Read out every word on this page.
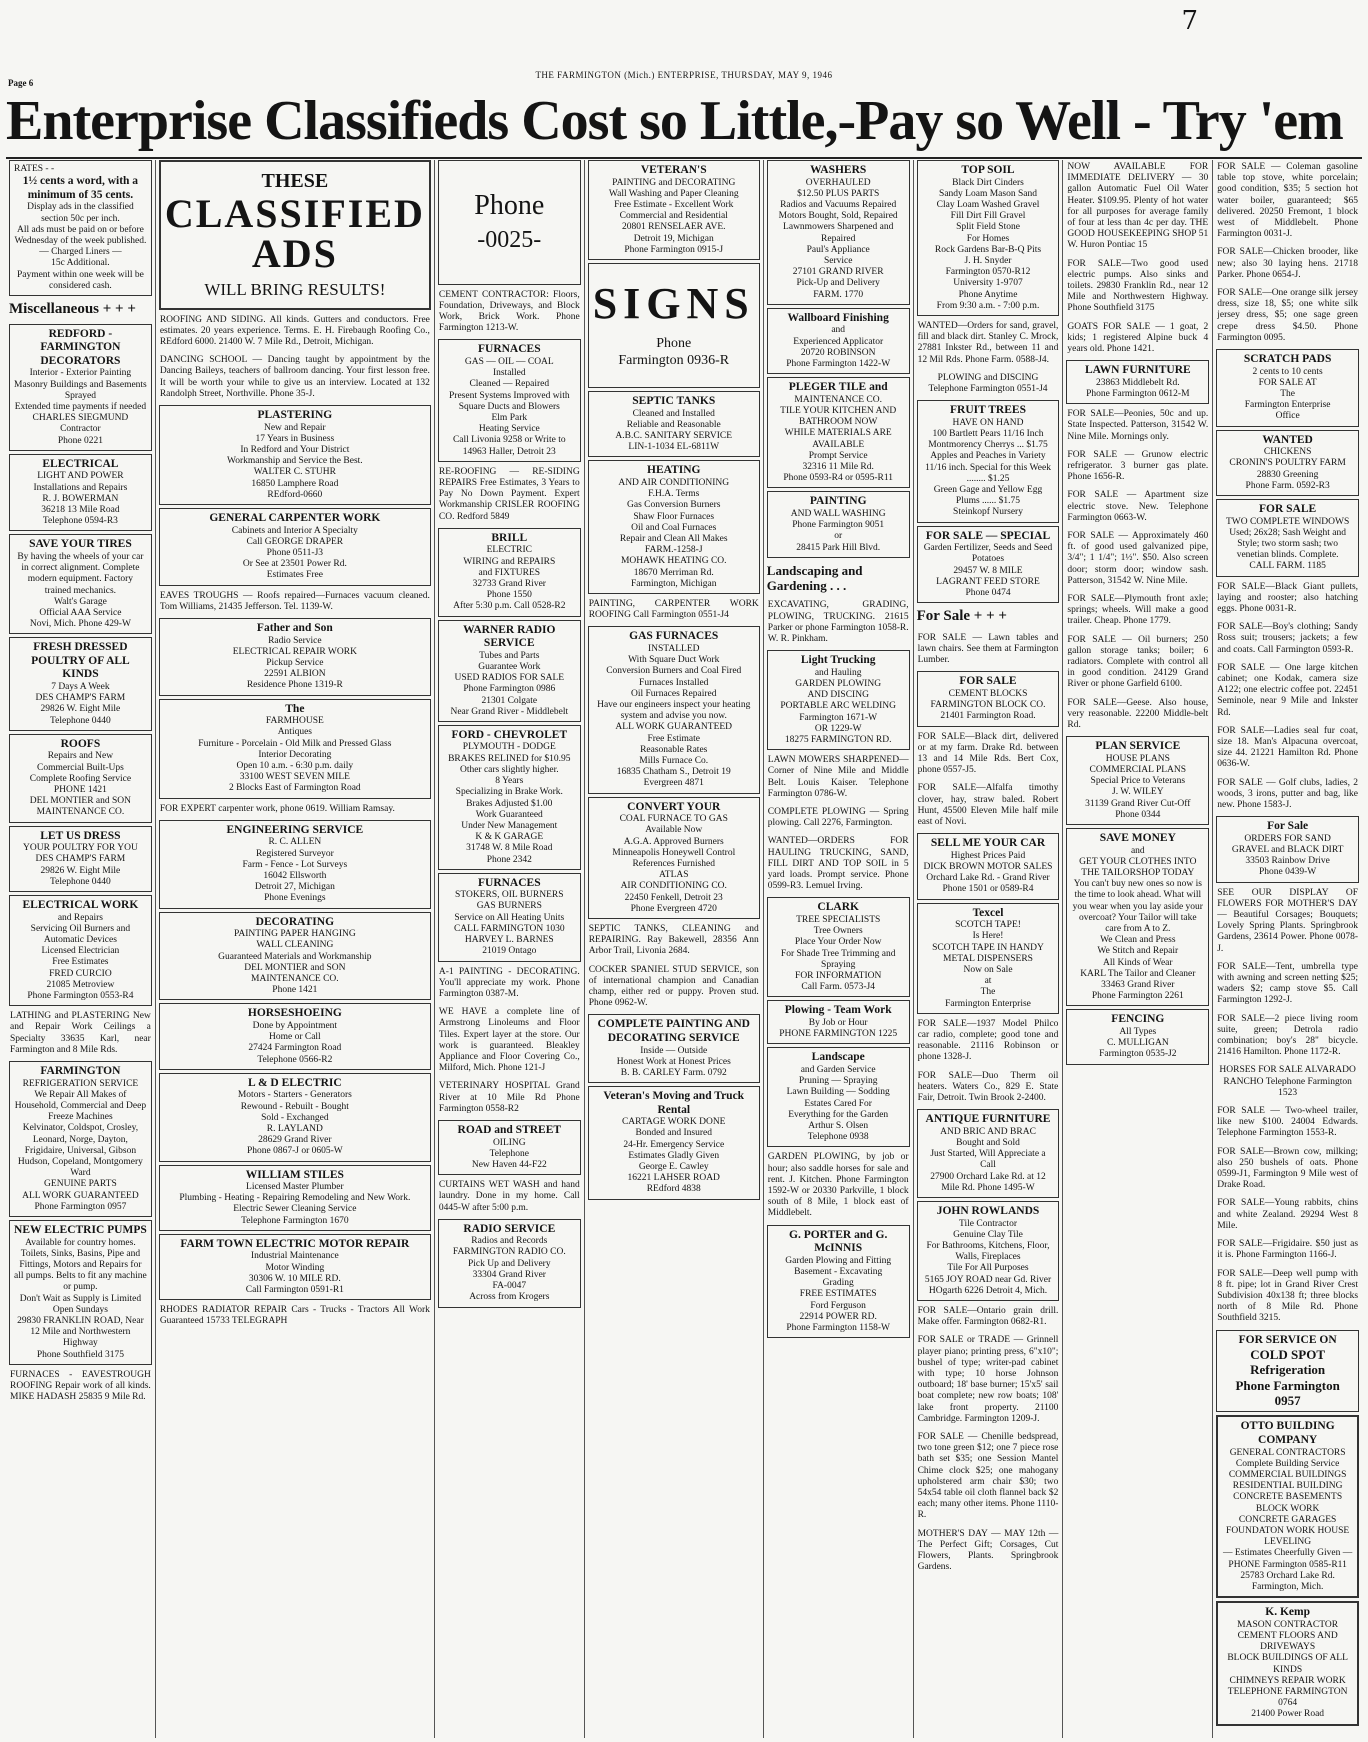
7
Page 6
THE FARMINGTON (Mich.) ENTERPRISE, THURSDAY, MAY 9, 1946
Enterprise Classifieds Cost so Little,-Pay so Well - Try 'em
RATES - -
1½ cents a word, with a minimum of 35 cents.
Display ads in the classified section 50c per inch.
All ads must be paid on or before Wednesday of the week published.
— Charged Liners —
15c Additional.
Payment within one week will be considered cash.
Miscellaneous + + +
REDFORD - FARMINGTON DECORATORS
Interior - Exterior Painting
Masonry Buildings and Basements Sprayed
Extended time payments if needed
CHARLES SIEGMUND
Contractor
Phone 0221
ELECTRICAL
LIGHT AND POWER
Installations and Repairs
R. J. BOWERMAN
36218 13 Mile Road
Telephone 0594-R3
SAVE YOUR TIRES
By having the wheels of your car in correct alignment. Complete modern equipment. Factory trained mechanics.
Walt's Garage
Official AAA Service
Novi, Mich. Phone 429-W
FRESH DRESSED POULTRY OF ALL KINDS
7 Days A Week
DES CHAMP'S FARM
29826 W. Eight Mile
Telephone 0440
ROOFS
Repairs and New
Commercial Built-Ups
Complete Roofing Service
PHONE 1421
DEL MONTIER and SON
MAINTENANCE CO.
LET US DRESS
YOUR POULTRY FOR YOU
DES CHAMP'S FARM
29826 W. Eight Mile
Telephone 0440
ELECTRICAL WORK
and Repairs
Servicing Oil Burners and Automatic Devices
Licensed Electrician
Free Estimates
FRED CURCIO
21085 Metroview
Phone Farmington 0553-R4
LATHING and PLASTERING New and Repair Work Ceilings a Specialty 33635 Karl, near Farmington and 8 Mile Rds.
FARMINGTON
REFRIGERATION SERVICE
We Repair All Makes of Household, Commercial and Deep Freeze Machines
Kelvinator, Coldspot, Crosley, Leonard, Norge, Dayton, Frigidaire, Universal, Gibson Hudson, Copeland, Montgomery Ward
GENUINE PARTS
ALL WORK GUARANTEED
Phone Farmington 0957
NEW ELECTRIC PUMPS
Available for country homes. Toilets, Sinks, Basins, Pipe and Fittings, Motors and Repairs for all pumps. Belts to fit any machine or pump.
Don't Wait as Supply is Limited
Open Sundays
29830 FRANKLIN ROAD, Near 12 Mile and Northwestern Highway
Phone Southfield 3175
FURNACES - EAVESTROUGH ROOFING Repair work of all kinds. MIKE HADASH 25835 9 Mile Rd.
THESE
CLASSIFIED
ADS
WILL BRING RESULTS!
ROOFING AND SIDING. All kinds. Gutters and conductors. Free estimates. 20 years experience. Terms. E. H. Firebaugh Roofing Co., REdford 6000. 21400 W. 7 Mile Rd., Detroit, Michigan.
DANCING SCHOOL — Dancing taught by appointment by the Dancing Baileys, teachers of ballroom dancing. Your first lesson free. It will be worth your while to give us an interview. Located at 132 Randolph Street, Northville. Phone 35-J.
PLASTERING
New and Repair
17 Years in Business
In Redford and Your District
Workmanship and Service the Best.
WALTER C. STUHR
16850 Lamphere Road
REdford-0660
GENERAL CARPENTER WORK
Cabinets and Interior A Specialty
Call GEORGE DRAPER
Phone 0511-J3
Or See at 23501 Power Rd.
Estimates Free
EAVES TROUGHS — Roofs repaired—Furnaces vacuum cleaned. Tom Williams, 21435 Jefferson. Tel. 1139-W.
Father and Son
Radio Service
ELECTRICAL REPAIR WORK
Pickup Service
22591 ALBION
Residence Phone 1319-R
The
FARMHOUSE
Antiques
Furniture - Porcelain - Old Milk and Pressed Glass
Interior Decorating
Open 10 a.m. - 6:30 p.m. daily
33100 WEST SEVEN MILE
2 Blocks East of Farmington Road
FOR EXPERT carpenter work, phone 0619. William Ramsay.
ENGINEERING SERVICE
R. C. ALLEN
Registered Surveyor
Farm - Fence - Lot Surveys
16042 Ellsworth
Detroit 27, Michigan
Phone Evenings
DECORATING
PAINTING PAPER HANGING
WALL CLEANING
Guaranteed Materials and Workmanship
DEL MONTIER and SON
MAINTENANCE CO.
Phone 1421
HORSESHOEING
Done by Appointment
Home or Call
27424 Farmington Road
Telephone 0566-R2
L & D ELECTRIC
Motors - Starters - Generators
Rewound - Rebuilt - Bought
Sold - Exchanged
R. LAYLAND
28629 Grand River
Phone 0867-J or 0605-W
WILLIAM STILES
Licensed Master Plumber
Plumbing - Heating - Repairing Remodeling and New Work. Electric Sewer Cleaning Service
Telephone Farmington 1670
FARM TOWN ELECTRIC MOTOR REPAIR
Industrial Maintenance
Motor Winding
30306 W. 10 MILE RD.
Call Farmington 0591-R1
RHODES RADIATOR REPAIR Cars - Trucks - Tractors All Work Guaranteed 15733 TELEGRAPH
Phone
-0025-
CEMENT CONTRACTOR: Floors, Foundation, Driveways, and Block Work, Brick Work. Phone Farmington 1213-W.
FURNACES
GAS — OIL — COAL
Installed
Cleaned — Repaired
Present Systems Improved with Square Ducts and Blowers
Elm Park
Heating Service
Call Livonia 9258 or Write to 14963 Haller, Detroit 23
RE-ROOFING — RE-SIDING REPAIRS Free Estimates, 3 Years to Pay No Down Payment. Expert Workmanship CRISLER ROOFING CO. Redford 5849
BRILL
ELECTRIC
WIRING and REPAIRS
and FIXTURES
32733 Grand River
Phone 1550
After 5:30 p.m. Call 0528-R2
WARNER RADIO SERVICE
Tubes and Parts
Guarantee Work
USED RADIOS FOR SALE
Phone Farmington 0986
21301 Colgate
Near Grand River - Middlebelt
FORD - CHEVROLET
PLYMOUTH - DODGE
BRAKES RELINED for $10.95
Other cars slightly higher.
8 Years
Specializing in Brake Work.
Brakes Adjusted $1.00
Work Guaranteed
Under New Management
K & K GARAGE
31748 W. 8 Mile Road
Phone 2342
FURNACES
STOKERS, OIL BURNERS
GAS BURNERS
Service on All Heating Units
CALL FARMINGTON 1030
HARVEY L. BARNES
21019 Ontago
A-1 PAINTING - DECORATING. You'll appreciate my work. Phone Farmington 0387-M.
WE HAVE a complete line of Armstrong Linoleums and Floor Tiles. Expert layer at the store. Our work is guaranteed. Bleakley Appliance and Floor Covering Co., Milford, Mich. Phone 121-J
VETERINARY HOSPITAL Grand River at 10 Mile Rd Phone Farmington 0558-R2
ROAD and STREET
OILING
Telephone
New Haven 44-F22
CURTAINS WET WASH and hand laundry. Done in my home. Call 0445-W after 5:00 p.m.
RADIO SERVICE
Radios and Records
FARMINGTON RADIO CO.
Pick Up and Delivery
33304 Grand River
FA-0047
Across from Krogers
VETERAN'S
PAINTING and DECORATING
Wall Washing and Paper Cleaning
Free Estimate - Excellent Work
Commercial and Residential
20801 RENSELAER AVE.
Detroit 19, Michigan
Phone Farmington 0915-J
SIGNS
Phone
Farmington 0936-R
SEPTIC TANKS
Cleaned and Installed
Reliable and Reasonable
A.B.C. SANITARY SERVICE
LIN-1-1034 EL-6811W
HEATING
AND AIR CONDITIONING
F.H.A. Terms
Gas Conversion Burners
Shaw Floor Furnaces
Oil and Coal Furnaces
Repair and Clean All Makes
FARM.-1258-J
MOHAWK HEATING CO.
18670 Merriman Rd.
Farmington, Michigan
PAINTING, CARPENTER WORK ROOFING Call Farmington 0551-J4
GAS FURNACES
INSTALLED
With Square Duct Work
Conversion Burners and Coal Fired Furnaces Installed
Oil Furnaces Repaired
Have our engineers inspect your heating system and advise you now.
ALL WORK GUARANTEED
Free Estimate
Reasonable Rates
Mills Furnace Co.
16835 Chatham S., Detroit 19
Evergreen 4871
CONVERT YOUR
COAL FURNACE TO GAS
Available Now
A.G.A. Approved Burners
Minneapolis Honeywell Control
References Furnished
ATLAS
AIR CONDITIONING CO.
22450 Fenkell, Detroit 23
Phone Evergreen 4720
SEPTIC TANKS, CLEANING and REPAIRING. Ray Bakewell, 28356 Ann Arbor Trail, Livonia 2684.
COCKER SPANIEL STUD SERVICE, son of international champion and Canadian champ, either red or puppy. Proven stud. Phone 0962-W.
COMPLETE PAINTING AND DECORATING SERVICE
Inside — Outside
Honest Work at Honest Prices
B. B. CARLEY Farm. 0792
Veteran's Moving and Truck Rental
CARTAGE WORK DONE
Bonded and Insured
24-Hr. Emergency Service
Estimates Gladly Given
George E. Cawley
16221 LAHSER ROAD
REdford 4838
WASHERS
OVERHAULED
$12.50 PLUS PARTS
Radios and Vacuums Repaired
Motors Bought, Sold, Repaired
Lawnmowers Sharpened and Repaired
Paul's Appliance
Service
27101 GRAND RIVER
Pick-Up and Delivery
FARM. 1770
Wallboard Finishing
and
Experienced Applicator
20720 ROBINSON
Phone Farmington 1422-W
PLEGER TILE and
MAINTENANCE CO.
TILE YOUR KITCHEN AND BATHROOM NOW
WHILE MATERIALS ARE AVAILABLE
Prompt Service
32316 11 Mile Rd.
Phone 0593-R4 or 0595-R11
PAINTING
AND WALL WASHING
Phone Farmington 9051
or
28415 Park Hill Blvd.
Landscaping and Gardening . . .
EXCAVATING, GRADING, PLOWING, TRUCKING. 21615 Parker or phone Farmington 1058-R. W. R. Pinkham.
Light Trucking
and Hauling
GARDEN PLOWING
AND DISCING
PORTABLE ARC WELDING
Farmington 1671-W
OR 1229-W
18275 FARMINGTON RD.
LAWN MOWERS SHARPENED—Corner of Nine Mile and Middle Belt. Louis Kaiser. Telephone Farmington 0786-W.
COMPLETE PLOWING — Spring plowing. Call 2276, Farmington.
WANTED—ORDERS FOR HAULING TRUCKING, SAND, FILL DIRT AND TOP SOIL in 5 yard loads. Prompt service. Phone 0599-R3. Lemuel Irving.
CLARK
TREE SPECIALISTS
Tree Owners
Place Your Order Now
For Shade Tree Trimming and Spraying
FOR INFORMATION
Call Farm. 0573-J4
Plowing - Team Work
By Job or Hour
PHONE FARMINGTON 1225
Landscape
and Garden Service
Pruning — Spraying
Lawn Building — Sodding
Estates Cared For
Everything for the Garden
Arthur S. Olsen
Telephone 0938
GARDEN PLOWING, by job or hour; also saddle horses for sale and rent. J. Kitchen. Phone Farmington 1592-W or 20330 Parkville, 1 block south of 8 Mile, 1 block east of Middlebelt.
G. PORTER and G. McINNIS
Garden Plowing and Fitting
Basement - Excavating
Grading
FREE ESTIMATES
Ford Ferguson
22914 POWER RD.
Phone Farmington 1158-W
TOP SOIL
Black Dirt Cinders
Sandy Loam Mason Sand
Clay Loam Washed Gravel
Fill Dirt Fill Gravel
Split Field Stone
For Homes
Rock Gardens Bar-B-Q Pits
J. H. Snyder
Farmington 0570-R12
University 1-9707
Phone Anytime
From 9:30 a.m. - 7:00 p.m.
WANTED—Orders for sand, gravel, fill and black dirt. Stanley C. Mrock, 27881 Inkster Rd., between 11 and 12 Mil Rds. Phone Farm. 0588-J4.
PLOWING and DISCING Telephone Farmington 0551-J4
FRUIT TREES
HAVE ON HAND
100 Bartlett Pears 11/16 Inch
Montmorency Cherrys ... $1.75
Apples and Peaches in Variety 11/16 inch. Special for this Week ........ $1.25
Green Gage and Yellow Egg Plums ...... $1.75
Steinkopf Nursery
FOR SALE — SPECIAL
Garden Fertilizer, Seeds and Seed Potatoes
29457 W. 8 MILE
LAGRANT FEED STORE
Phone 0474
For Sale + + +
FOR SALE — Lawn tables and lawn chairs. See them at Farmington Lumber.
FOR SALE
CEMENT BLOCKS
FARMINGTON BLOCK CO.
21401 Farmington Road.
FOR SALE—Black dirt, delivered or at my farm. Drake Rd. between 13 and 14 Mile Rds. Bert Cox, phone 0557-J5.
FOR SALE—Alfalfa timothy clover, hay, straw baled. Robert Hunt, 45500 Eleven Mile half mile east of Novi.
SELL ME YOUR CAR
Highest Prices Paid
DICK BROWN MOTOR SALES
Orchard Lake Rd. - Grand River
Phone 1501 or 0589-R4
Texcel
SCOTCH TAPE!
Is Here!
SCOTCH TAPE IN HANDY METAL DISPENSERS
Now on Sale
at
The
Farmington Enterprise
FOR SALE—1937 Model Philco car radio, complete; good tone and reasonable. 21116 Robinson or phone 1328-J.
FOR SALE—Duo Therm oil heaters. Waters Co., 829 E. State Fair, Detroit. Twin Brook 2-2400.
ANTIQUE FURNITURE
AND BRIC AND BRAC
Bought and Sold
Just Started, Will Appreciate a Call
27900 Orchard Lake Rd. at 12 Mile Rd. Phone 1495-W
JOHN ROWLANDS
Tile Contractor
Genuine Clay Tile
For Bathrooms, Kitchens, Floor, Walls, Fireplaces
Tile For All Purposes
5165 JOY ROAD near Gd. River
HOgarth 6226 Detroit 4, Mich.
FOR SALE—Ontario grain drill. Make offer. Farmington 0682-R1.
FOR SALE or TRADE — Grinnell player piano; printing press, 6"x10"; bushel of type; writer-pad cabinet with type; 10 horse Johnson outboard; 18' base burner; 15'x5' sail boat complete; new row boats; 108' lake front property. 21100 Cambridge. Farmington 1209-J.
FOR SALE — Chenille bedspread, two tone green $12; one 7 piece rose bath set $35; one Session Mantel Chime clock $25; one mahogany upholstered arm chair $30; two 54x54 table oil cloth flannel back $2 each; many other items. Phone 1110-R.
MOTHER'S DAY — MAY 12th — The Perfect Gift; Corsages, Cut Flowers, Plants. Springbrook Gardens.
NOW AVAILABLE FOR IMMEDIATE DELIVERY — 30 gallon Automatic Fuel Oil Water Heater. $109.95. Plenty of hot water for all purposes for average family of four at less than 4c per day. THE GOOD HOUSEKEEPING SHOP 51 W. Huron Pontiac 15
FOR SALE—Two good used electric pumps. Also sinks and toilets. 29830 Franklin Rd., near 12 Mile and Northwestern Highway. Phone Southfield 3175
GOATS FOR SALE — 1 goat, 2 kids; 1 registered Alpine buck 4 years old. Phone 1421.
LAWN FURNITURE
23863 Middlebelt Rd.
Phone Farmington 0612-M
FOR SALE—Peonies, 50c and up. State Inspected. Patterson, 31542 W. Nine Mile. Mornings only.
FOR SALE — Grunow electric refrigerator. 3 burner gas plate. Phone 1656-R.
FOR SALE — Apartment size electric stove. New. Telephone Farmington 0663-W.
FOR SALE — Approximately 460 ft. of good used galvanized pipe, 3/4"; 1 1/4"; 1½". $50. Also screen door; storm door; window sash. Patterson, 31542 W. Nine Mile.
FOR SALE—Plymouth front axle; springs; wheels. Will make a good trailer. Cheap. Phone 1779.
FOR SALE — Oil burners; 250 gallon storage tanks; boiler; 6 radiators. Complete with control all in good condition. 24129 Grand River or phone Garfield 6100.
FOR SALE—Geese. Also house, very reasonable. 22200 Middle-belt Rd.
PLAN SERVICE
HOUSE PLANS
COMMERCIAL PLANS
Special Price to Veterans
J. W. WILEY
31139 Grand River Cut-Off
Phone 0344
SAVE MONEY
and
GET YOUR CLOTHES INTO THE TAILORSHOP TODAY
You can't buy new ones so now is the time to look ahead. What will you wear when you lay aside your overcoat? Your Tailor will take care from A to Z.
We Clean and Press
We Stitch and Repair
All Kinds of Wear
KARL The Tailor and Cleaner
33463 Grand River
Phone Farmington 2261
FENCING
All Types
C. MULLIGAN
Farmington 0535-J2
FOR SALE — Coleman gasoline table top stove, white porcelain; good condition, $35; 5 section hot water boiler, guaranteed; $65 delivered. 20250 Fremont, 1 block west of Middlebelt. Phone Farmington 0031-J.
FOR SALE—Chicken brooder, like new; also 30 laying hens. 21718 Parker. Phone 0654-J.
FOR SALE—One orange silk jersey dress, size 18, $5; one white silk jersey dress, $5; one sage green crepe dress $4.50. Phone Farmington 0095.
SCRATCH PADS
2 cents to 10 cents
FOR SALE AT
The
Farmington Enterprise
Office
WANTED
CHICKENS
CRONIN'S POULTRY FARM
28830 Greening
Phone Farm. 0592-R3
FOR SALE
TWO COMPLETE WINDOWS
Used; 26x28; Sash Weight and Style; two storm sash; two venetian blinds. Complete.
CALL FARM. 1185
FOR SALE—Black Giant pullets, laying and rooster; also hatching eggs. Phone 0031-R.
FOR SALE—Boy's clothing; Sandy Ross suit; trousers; jackets; a few and coats. Call Farmington 0593-R.
FOR SALE — One large kitchen cabinet; one Kodak, camera size A122; one electric coffee pot. 22451 Seminole, near 9 Mile and Inkster Rd.
FOR SALE—Ladies seal fur coat, size 18. Man's Alpacuna overcoat, size 44. 21221 Hamilton Rd. Phone 0636-W.
FOR SALE — Golf clubs, ladies, 2 woods, 3 irons, putter and bag, like new. Phone 1583-J.
For Sale
ORDERS FOR SAND
GRAVEL and BLACK DIRT
33503 Rainbow Drive
Phone 0439-W
SEE OUR DISPLAY OF FLOWERS FOR MOTHER'S DAY — Beautiful Corsages; Bouquets; Lovely Spring Plants. Springbrook Gardens, 23614 Power. Phone 0078-J.
FOR SALE—Tent, umbrella type with awning and screen netting $25; waders $2; camp stove $5. Call Farmington 1292-J.
FOR SALE—2 piece living room suite, green; Detrola radio combination; boy's 28" bicycle. 21416 Hamilton. Phone 1172-R.
HORSES FOR SALE ALVARADO RANCHO Telephone Farmington 1523
FOR SALE — Two-wheel trailer, like new $100. 24004 Edwards. Telephone Farmington 1553-R.
FOR SALE—Brown cow, milking; also 250 bushels of oats. Phone 0599-J1, Farmington 9 Mile west of Drake Road.
FOR SALE—Young rabbits, chins and white Zealand. 29294 West 8 Mile.
FOR SALE—Frigidaire. $50 just as it is. Phone Farmington 1166-J.
FOR SALE—Deep well pump with 8 ft. pipe; lot in Grand River Crest Subdivision 40x138 ft; three blocks north of 8 Mile Rd. Phone Southfield 3215.
FOR SERVICE ON
COLD SPOT Refrigeration
Phone Farmington 0957
OTTO BUILDING COMPANY
GENERAL CONTRACTORS
Complete Building Service
COMMERCIAL BUILDINGS RESIDENTIAL BUILDING
CONCRETE BASEMENTS BLOCK WORK
CONCRETE GARAGES
FOUNDATON WORK HOUSE LEVELING
— Estimates Cheerfully Given —
PHONE Farmington 0585-R11
25783 Orchard Lake Rd. Farmington, Mich.
K. Kemp
MASON CONTRACTOR
CEMENT FLOORS AND DRIVEWAYS
BLOCK BUILDINGS OF ALL KINDS
CHIMNEYS REPAIR WORK
TELEPHONE FARMINGTON 0764
21400 Power Road
